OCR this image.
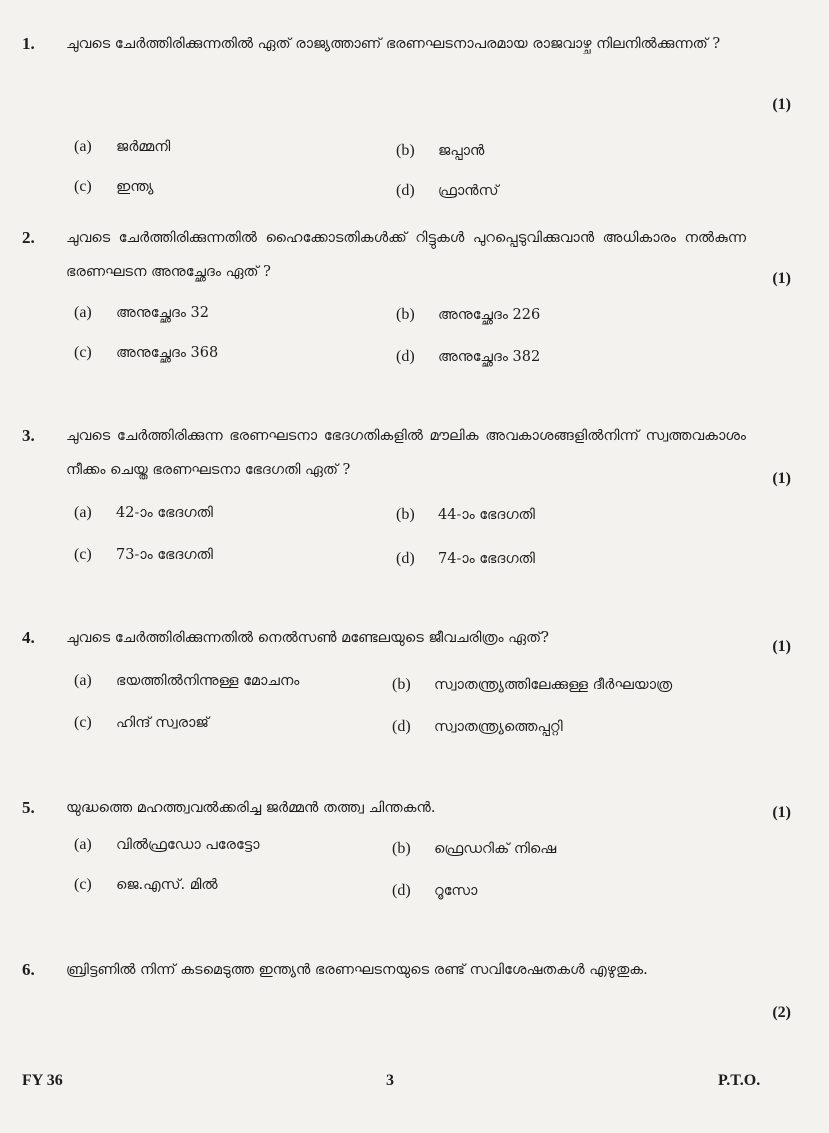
1. ചുവടെ ചേർത്തിരിക്കുന്നതിൽ ഏത് രാജ്യത്താണ് ഭരണഘടനാപരമായ രാജവാഴ്ച നിലനിൽക്കുന്നത് ?
(1)
(a) ജർമ്മനി	(b) ജപ്പാൻ
(c) ഇന്ത്യ	(d) ഫ്രാൻസ്
2. ചുവടെ ചേർത്തിരിക്കുന്നതിൽ ഹൈക്കോടതികൾക്ക് റിട്ടുകൾ പുറപ്പെടുവിക്കുവാൻ അധികാരം നൽകുന്ന ഭരണഘടന അനുച്ഛേദം ഏത് ?	(1)
(a) അനുച്ഛേദം 32	(b) അനുച്ഛേദം 226
(c) അനുച്ഛേദം 368	(d) അനുച്ഛേദം 382
3. ചുവടെ ചേർത്തിരിക്കുന്ന ഭരണഘടനാ ഭേദഗതികളിൽ മൗലിക അവകാശങ്ങളിൽനിന്ന് സ്വത്തവകാശം നീക്കം ചെയ്ത ഭരണഘടനാ ഭേദഗതി ഏത് ?	(1)
(a) 42-ാം ഭേദഗതി	(b) 44-ാം ഭേദഗതി
(c) 73-ാം ഭേദഗതി	(d) 74-ാം ഭേദഗതി
4. ചുവടെ ചേർത്തിരിക്കുന്നതിൽ നെൽസൺ മണ്ടേലയുടെ ജീവചരിത്രം ഏത്?	(1)
(a) ഭയത്തിൽനിന്നുള്ള മോചനം	(b) സ്വാതന്ത്ര്യത്തിലേക്കുള്ള ദീർഘയാത്ര
(c) ഹിന്ദ് സ്വരാജ്	(d) സ്വാതന്ത്ര്യത്തെപ്പറ്റി
5. യുദ്ധത്തെ മഹത്ത്വവൽക്കരിച്ച ജർമ്മൻ തത്ത്വ ചിന്തകൻ.	(1)
(a) വിൽഫ്രഡോ പരേട്ടോ	(b) ഫ്രെഡറിക് നിഷെ
(c) ജെ.എസ്. മിൽ	(d) റൂസോ
6. ബ്രിട്ടണിൽ നിന്ന് കടമെടുത്ത ഇന്ത്യൻ ഭരണഘടനയുടെ രണ്ട് സവിശേഷതകൾ എഴുതുക.
(2)
FY 36	3	P.T.O.
